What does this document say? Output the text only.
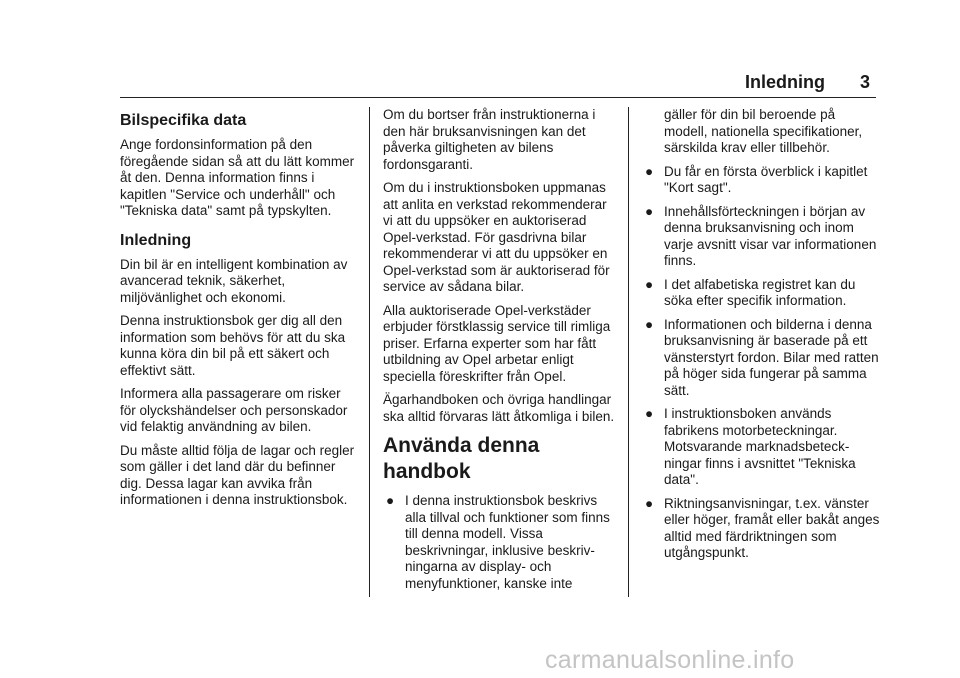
Inledning 3
Bilspecifika data

Ange fordonsinformation på den föregående sidan så att du lätt kommer åt den. Denna information finns i kapitlen "Service och underhåll" och "Tekniska data" samt på typskylten.

Inledning

Din bil är en intelligent kombination av avancerad teknik, säkerhet, miljövänlighet och ekonomi.

Denna instruktionsbok ger dig all den information som behövs för att du ska kunna köra din bil på ett säkert och effektivt sätt.

Informera alla passagerare om risker för olyckshändelser och personskador vid felaktig användning av bilen.

Du måste alltid följa de lagar och regler som gäller i det land där du befinner dig. Dessa lagar kan avvika från informationen i denna instruktionsbok.

Om du bortser från instruktionerna i den här bruksanvisningen kan det påverka giltigheten av bilens fordonsgaranti.

Om du i instruktionsboken uppmanas att anlita en verkstad rekommenderar vi att du uppsöker en auktoriserad Opel-verkstad. För gasdrivna bilar rekommenderar vi att du uppsöker en Opel-verkstad som är auktoriserad för service av sådana bilar.

Alla auktoriserade Opel-verkstäder erbjuder förstklassig service till rimliga priser. Erfarna experter som har fått utbildning av Opel arbetar enligt speciella föreskrifter från Opel.

Ägarhandboken och övriga handlingar ska alltid förvaras lätt åtkomliga i bilen.

Använda denna handbok
● I denna instruktionsbok beskrivs alla tillval och funktioner som finns till denna modell. Vissa beskrivningar, inklusive beskrivningarna av display- och menyfunktioner, kanske inte

gäller för din bil beroende på modell, nationella specifikationer, särskilda krav eller tillbehör.

● Du får en första överblick i kapitlet "Kort sagt".
● Innehållsförteckningen i början av denna bruksanvisning och inom varje avsnitt visar var informationen finns.
● I det alfabetiska registret kan du söka efter specifik information.
● Informationen och bilderna i denna bruksanvisning är baserade på ett vänsterstyrt fordon. Bilar med ratten på höger sida fungerar på samma sätt.
● I instruktionsboken används fabrikens motorbeteckningar. Motsvarande marknadsbeteckningar finns i avsnittet "Tekniska data".
● Riktningsanvisningar, t.ex. vänster eller höger, framåt eller bakåt anges alltid med färdriktningen som utgångspunkt.
carmanualsonline.info
